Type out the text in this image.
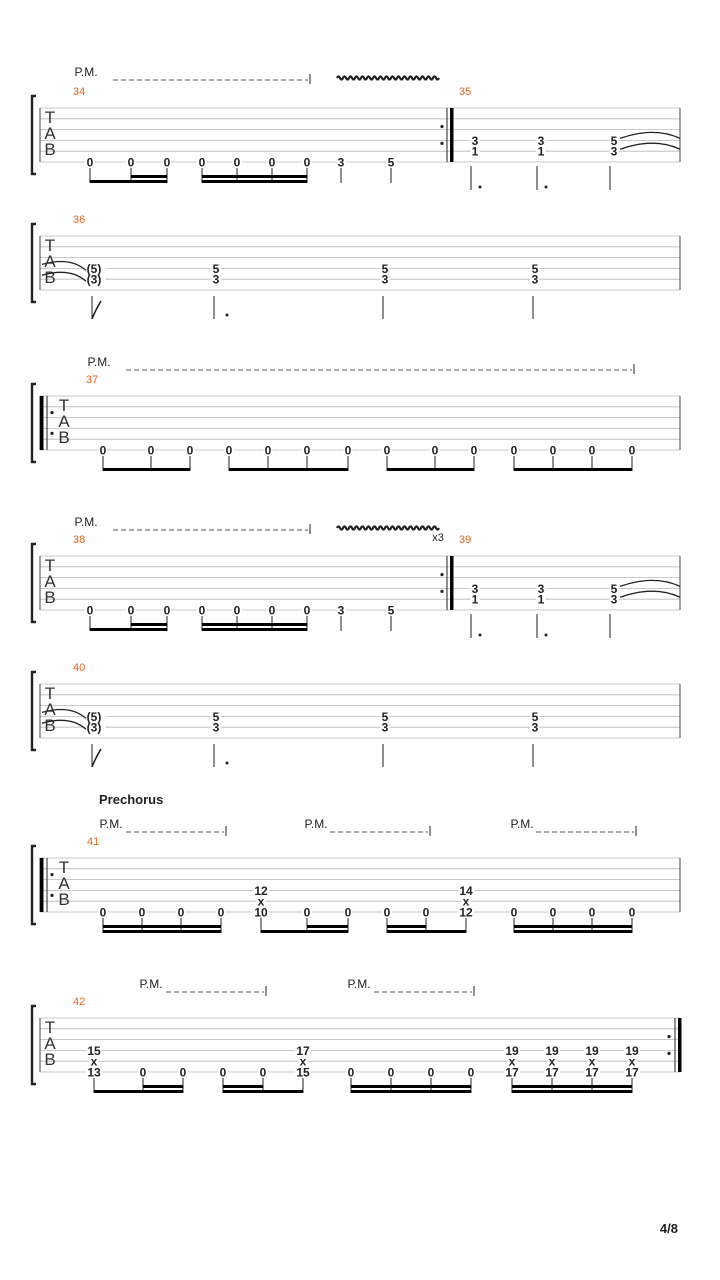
T
A
B
34	35
P.M.
0	0 0 0 0 0 0 3	5
3
1
3
1
5
3
T
A
B
36
(5)
(3)
5
3
5
3
5
3
T
A
B
37
P.M.
0	0	0	0	0	0	0	0	0	0	0	0	0	0
T
A
B
38	39
x3
P.M.
0	0 0 0 0 0 0 3	5
3
1
3
1
5
3
T
A
B
40
(5)
(3)
5
3
5
3
5
3
T
A
B
41
Prechorus
P.M.	P.M.	P.M.
0	0	0	0
12
x
10	0	0	0	0
14
x
12	0	0	0	0
T
A
B
42
P.M.	P.M.
15
x
13	0	0	0	0
17
x
15	0	0	0	0
19
x
17
19
x
17
19
x
17
19
x
17
4/8
